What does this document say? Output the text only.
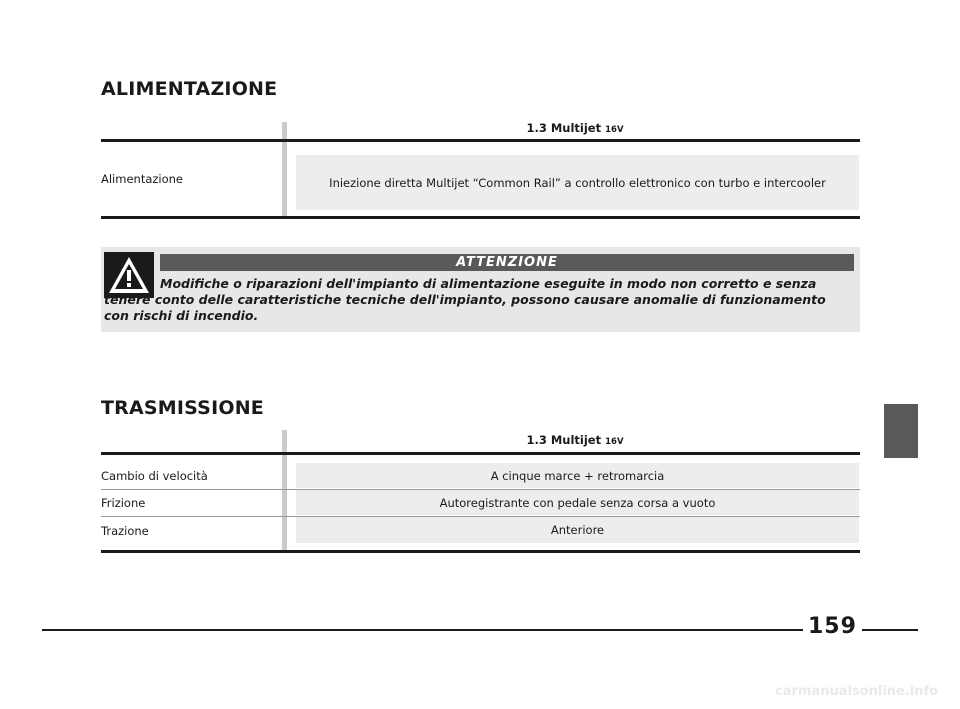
ALIMENTAZIONE
1.3 Multijet 16V
Alimentazione	Iniezione diretta Multijet “Common Rail” a controllo elettronico con turbo e intercooler
ATTENZIONE
Modifiche o riparazioni dell'impianto di alimentazione eseguite in modo non corretto e senza tenere conto delle caratteristiche tecniche dell'impianto, possono causare anomalie di funzionamento con rischi di incendio.
TRASMISSIONE
1.3 Multijet 16V
Cambio di velocità	A cinque marce + retromarcia
Frizione	Autoregistrante con pedale senza corsa a vuoto
Trazione	Anteriore
159
carmanualsonline.info
